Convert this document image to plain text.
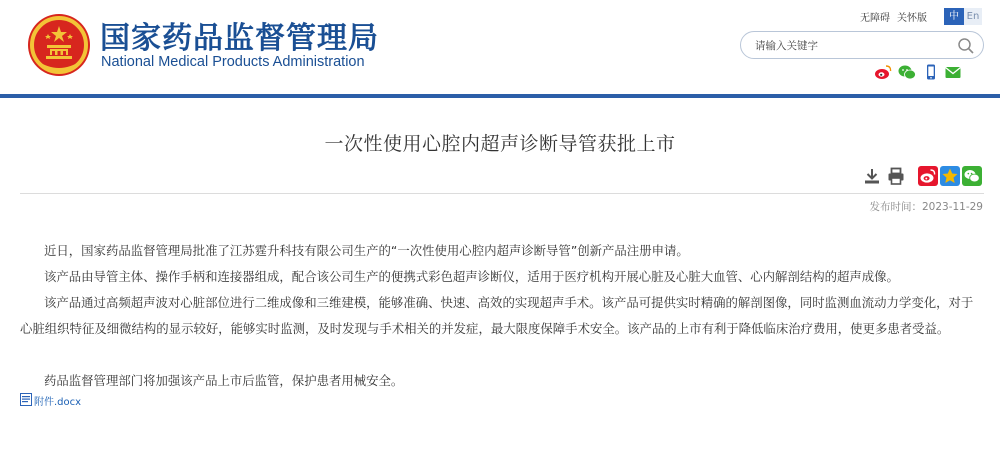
国家药品监督管理局
National Medical Products Administration
无障碍 关怀版	中 En
请输入关键字
一次性使用心腔内超声诊断导管获批上市
发布时间：2023-11-29

近日，国家药品监督管理局批准了江苏霆升科技有限公司生产的“一次性使用心腔内超声诊断导管”创新产品注册申请。

该产品由导管主体、操作手柄和连接器组成，配合该公司生产的便携式彩色超声诊断仪，适用于医疗机构开展心脏及心脏大血管、心内解剖结构的超声成像。

该产品通过高频超声波对心脏部位进行二维成像和三维建模，能够准确、快速、高效的实现超声手术。该产品可提供实时精确的解剖图像，同时监测血流动力学变化，对于心脏组织特征及细微结构的显示较好，能够实时监测，及时发现与手术相关的并发症，最大限度保障手术安全。该产品的上市有利于降低临床治疗费用，使更多患者受益。

药品监督管理部门将加强该产品上市后监管，保护患者用械安全。

附件.docx
